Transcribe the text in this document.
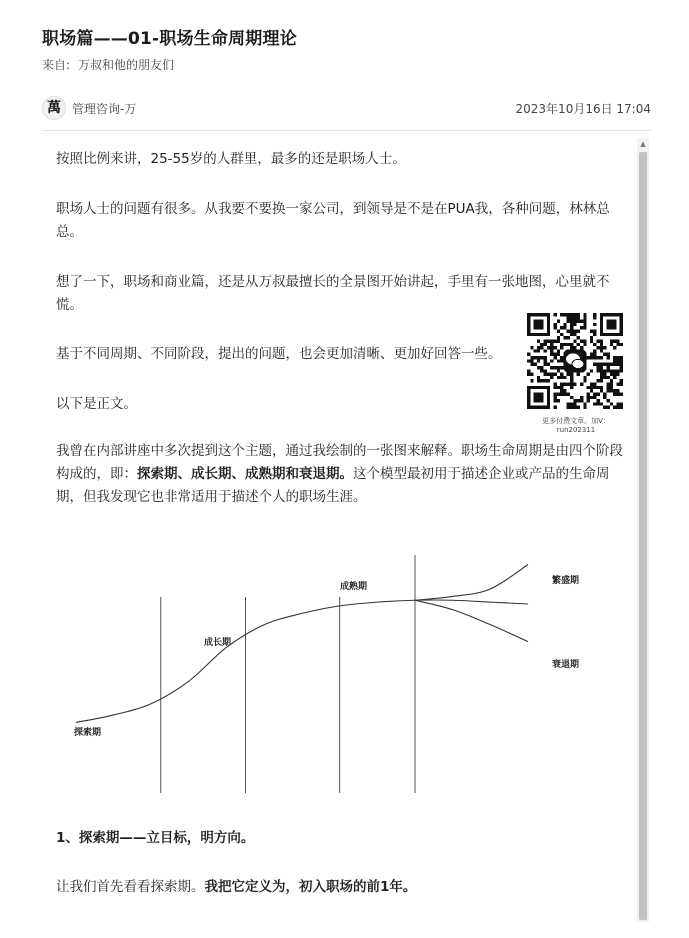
职场篇——01-职场生命周期理论
来自: 万叔和他的朋友们
萬 管理咨询-万	2023年10月16日 17:04
▲
按照比例来讲，25-55岁的人群里，最多的还是职场人士。
职场人士的问题有很多。从我要不要换一家公司，到领导是不是在PUA我，各种问题，林林总总。
想了一下，职场和商业篇，还是从万叔最擅长的全景图开始讲起，手里有一张地图，心里就不慌。
基于不同周期、不同阶段，提出的问题，也会更加清晰、更加好回答一些。
以下是正文。
我曾在内部讲座中多次提到这个主题，通过我绘制的一张图来解释。职场生命周期是由四个阶段构成的，即：探索期、成长期、成熟期和衰退期。这个模型最初用于描述企业或产品的生命周期，但我发现它也非常适用于描述个人的职场生涯。
更多付费文章。加V：run202311
探索期
成长期
成熟期
繁盛期
衰退期
1、探索期——立目标，明方向。
让我们首先看看探索期。我把它定义为，初入职场的前1年。
